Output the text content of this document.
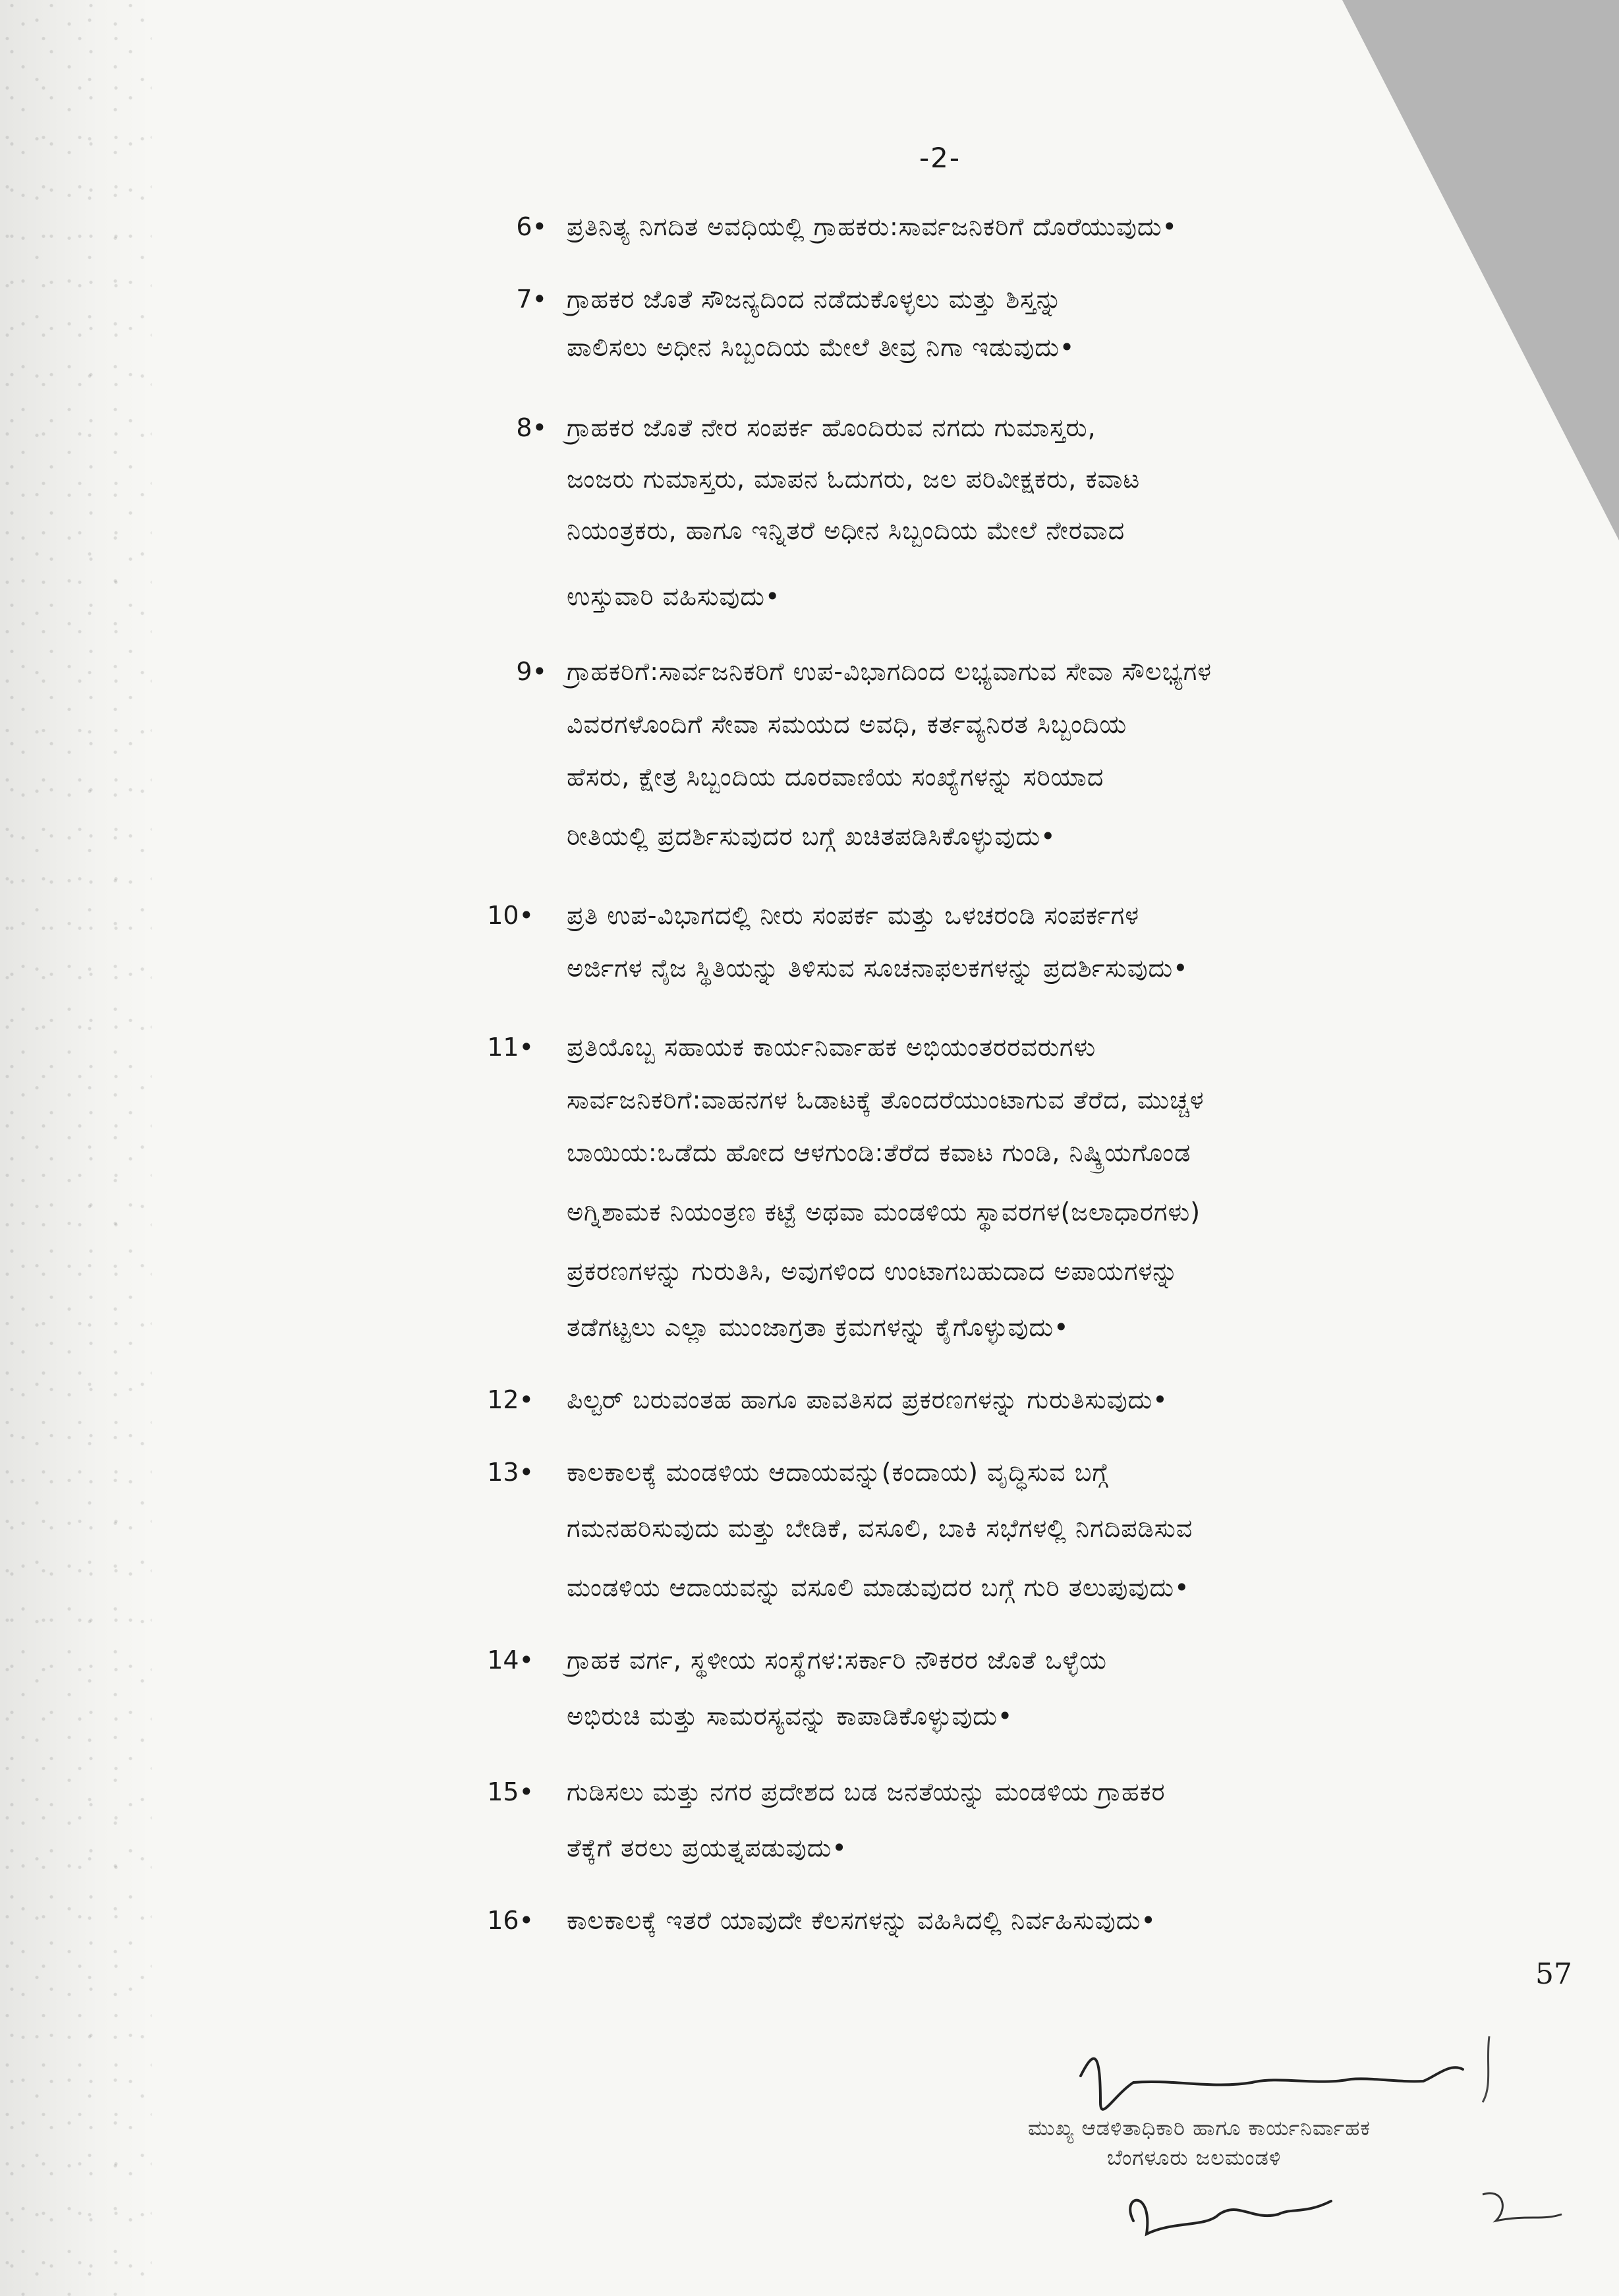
-2-
6• ಪ್ರತಿನಿತ್ಯ ನಿಗದಿತ ಅವಧಿಯಲ್ಲಿ ಗ್ರಾಹಕರು:ಸಾರ್ವಜನಿಕರಿಗೆ ದೊರೆಯುವುದು•
7• ಗ್ರಾಹಕರ ಜೊತೆ ಸೌಜನ್ಯದಿಂದ ನಡೆದುಕೊಳ್ಳಲು ಮತ್ತು ಶಿಸ್ತನ್ನು
ಪಾಲಿಸಲು ಅಧೀನ ಸಿಬ್ಬಂದಿಯ ಮೇಲೆ ತೀವ್ರ ನಿಗಾ ಇಡುವುದು•
8• ಗ್ರಾಹಕರ ಜೊತೆ ನೇರ ಸಂಪರ್ಕ ಹೊಂದಿರುವ ನಗದು ಗುಮಾಸ್ತರು,
ಜಂಜರು ಗುಮಾಸ್ತರು, ಮಾಪನ ಓದುಗರು, ಜಲ ಪರಿವೀಕ್ಷಕರು, ಕವಾಟ
ನಿಯಂತ್ರಕರು, ಹಾಗೂ ಇನ್ನಿತರೆ ಅಧೀನ ಸಿಬ್ಬಂದಿಯ ಮೇಲೆ ನೇರವಾದ
ಉಸ್ತುವಾರಿ ವಹಿಸುವುದು•
9• ಗ್ರಾಹಕರಿಗೆ:ಸಾರ್ವಜನಿಕರಿಗೆ ಉಪ-ವಿಭಾಗದಿಂದ ಲಭ್ಯವಾಗುವ ಸೇವಾ ಸೌಲಭ್ಯಗಳ
ವಿವರಗಳೊಂದಿಗೆ ಸೇವಾ ಸಮಯದ ಅವಧಿ, ಕರ್ತವ್ಯನಿರತ ಸಿಬ್ಬಂದಿಯ
ಹೆಸರು, ಕ್ಷೇತ್ರ ಸಿಬ್ಬಂದಿಯ ದೂರವಾಣಿಯ ಸಂಖ್ಯೆಗಳನ್ನು ಸರಿಯಾದ
ರೀತಿಯಲ್ಲಿ ಪ್ರದರ್ಶಿಸುವುದರ ಬಗ್ಗೆ ಖಚಿತಪಡಿಸಿಕೊಳ್ಳುವುದು•
10• ಪ್ರತಿ ಉಪ-ವಿಭಾಗದಲ್ಲಿ ನೀರು ಸಂಪರ್ಕ ಮತ್ತು ಒಳಚರಂಡಿ ಸಂಪರ್ಕಗಳ
ಅರ್ಜಿಗಳ ನೈಜ ಸ್ಥಿತಿಯನ್ನು ತಿಳಿಸುವ ಸೂಚನಾಫಲಕಗಳನ್ನು ಪ್ರದರ್ಶಿಸುವುದು•
11• ಪ್ರತಿಯೊಬ್ಬ ಸಹಾಯಕ ಕಾರ್ಯನಿರ್ವಾಹಕ ಅಭಿಯಂತರರವರುಗಳು
ಸಾರ್ವಜನಿಕರಿಗೆ:ವಾಹನಗಳ ಓಡಾಟಕ್ಕೆ ತೊಂದರೆಯುಂಟಾಗುವ ತೆರೆದ, ಮುಚ್ಚಳ
ಬಾಯಿಯ:ಒಡೆದು ಹೋದ ಆಳಗುಂಡಿ:ತೆರೆದ ಕವಾಟ ಗುಂಡಿ, ನಿಷ್ಕ್ರಿಯಗೊಂಡ
ಅಗ್ನಿಶಾಮಕ ನಿಯಂತ್ರಣ ಕಟ್ಟೆ ಅಥವಾ ಮಂಡಳಿಯ ಸ್ಥಾವರಗಳ(ಜಲಾಧಾರಗಳು)
ಪ್ರಕರಣಗಳನ್ನು ಗುರುತಿಸಿ, ಅವುಗಳಿಂದ ಉಂಟಾಗಬಹುದಾದ ಅಪಾಯಗಳನ್ನು
ತಡೆಗಟ್ಟಲು ಎಲ್ಲಾ ಮುಂಜಾಗ್ರತಾ ಕ್ರಮಗಳನ್ನು ಕೈಗೊಳ್ಳುವುದು•
12• ಪಿಲ್ಟರ್ ಬರುವಂತಹ ಹಾಗೂ ಪಾವತಿಸದ ಪ್ರಕರಣಗಳನ್ನು ಗುರುತಿಸುವುದು•
13• ಕಾಲಕಾಲಕ್ಕೆ ಮಂಡಳಿಯ ಆದಾಯವನ್ನು(ಕಂದಾಯ) ವೃದ್ಧಿಸುವ ಬಗ್ಗೆ
ಗಮನಹರಿಸುವುದು ಮತ್ತು ಬೇಡಿಕೆ, ವಸೂಲಿ, ಬಾಕಿ ಸಭೆಗಳಲ್ಲಿ ನಿಗದಿಪಡಿಸುವ
ಮಂಡಳಿಯ ಆದಾಯವನ್ನು ವಸೂಲಿ ಮಾಡುವುದರ ಬಗ್ಗೆ ಗುರಿ ತಲುಪುವುದು•
14• ಗ್ರಾಹಕ ವರ್ಗ, ಸ್ಥಳೀಯ ಸಂಸ್ಥೆಗಳ:ಸರ್ಕಾರಿ ನೌಕರರ ಜೊತೆ ಒಳ್ಳೆಯ
ಅಭಿರುಚಿ ಮತ್ತು ಸಾಮರಸ್ಯವನ್ನು ಕಾಪಾಡಿಕೊಳ್ಳುವುದು•
15• ಗುಡಿಸಲು ಮತ್ತು ನಗರ ಪ್ರದೇಶದ ಬಡ ಜನತೆಯನ್ನು ಮಂಡಳಿಯ ಗ್ರಾಹಕರ
ತೆಕ್ಕೆಗೆ ತರಲು ಪ್ರಯತ್ನಪಡುವುದು•
16• ಕಾಲಕಾಲಕ್ಕೆ ಇತರೆ ಯಾವುದೇ ಕೆಲಸಗಳನ್ನು ವಹಿಸಿದಲ್ಲಿ ನಿರ್ವಹಿಸುವುದು•
57
ಮುಖ್ಯ ಆಡಳಿತಾಧಿಕಾರಿ ಹಾಗೂ ಕಾರ್ಯನಿರ್ವಾಹಕ
ಬೆಂಗಳೂರು ಜಲಮಂಡಳಿ
